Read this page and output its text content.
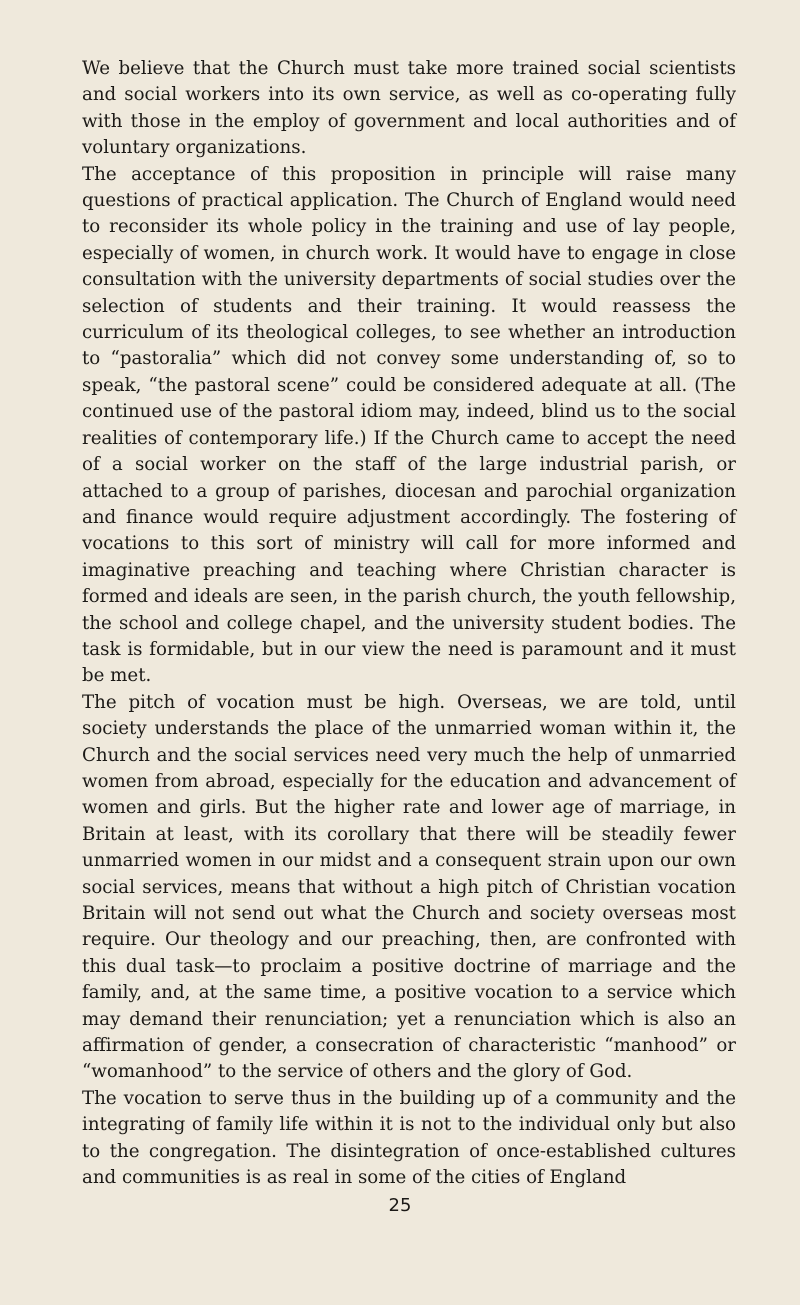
We believe that the Church must take more trained social scientists and social workers into its own service, as well as co-operating fully with those in the employ of government and local authorities and of voluntary organizations.

The acceptance of this proposition in principle will raise many questions of practical application. The Church of England would need to reconsider its whole policy in the training and use of lay people, especially of women, in church work. It would have to engage in close consultation with the university departments of social studies over the selection of students and their training. It would reassess the curriculum of its theological colleges, to see whether an introduction to “pastoralia” which did not convey some understanding of, so to speak, “the pastoral scene” could be considered adequate at all. (The continued use of the pastoral idiom may, indeed, blind us to the social realities of contemporary life.) If the Church came to accept the need of a social worker on the staff of the large industrial parish, or attached to a group of parishes, diocesan and parochial organization and finance would require adjustment accordingly. The fostering of vocations to this sort of ministry will call for more informed and imaginative preaching and teaching where Christian character is formed and ideals are seen, in the parish church, the youth fellowship, the school and college chapel, and the university student bodies. The task is formidable, but in our view the need is paramount and it must be met.

The pitch of vocation must be high. Overseas, we are told, until society understands the place of the unmarried woman within it, the Church and the social services need very much the help of unmarried women from abroad, especially for the education and advancement of women and girls. But the higher rate and lower age of marriage, in Britain at least, with its corollary that there will be steadily fewer unmarried women in our midst and a consequent strain upon our own social services, means that without a high pitch of Christian vocation Britain will not send out what the Church and society overseas most require. Our theology and our preaching, then, are confronted with this dual task—to proclaim a positive doctrine of marriage and the family, and, at the same time, a positive vocation to a service which may demand their renunciation; yet a renunciation which is also an affirmation of gender, a consecration of characteristic “manhood” or “womanhood” to the service of others and the glory of God.

The vocation to serve thus in the building up of a community and the integrating of family life within it is not to the individual only but also to the congregation. The disintegration of once-established cultures and communities is as real in some of the cities of England

25
